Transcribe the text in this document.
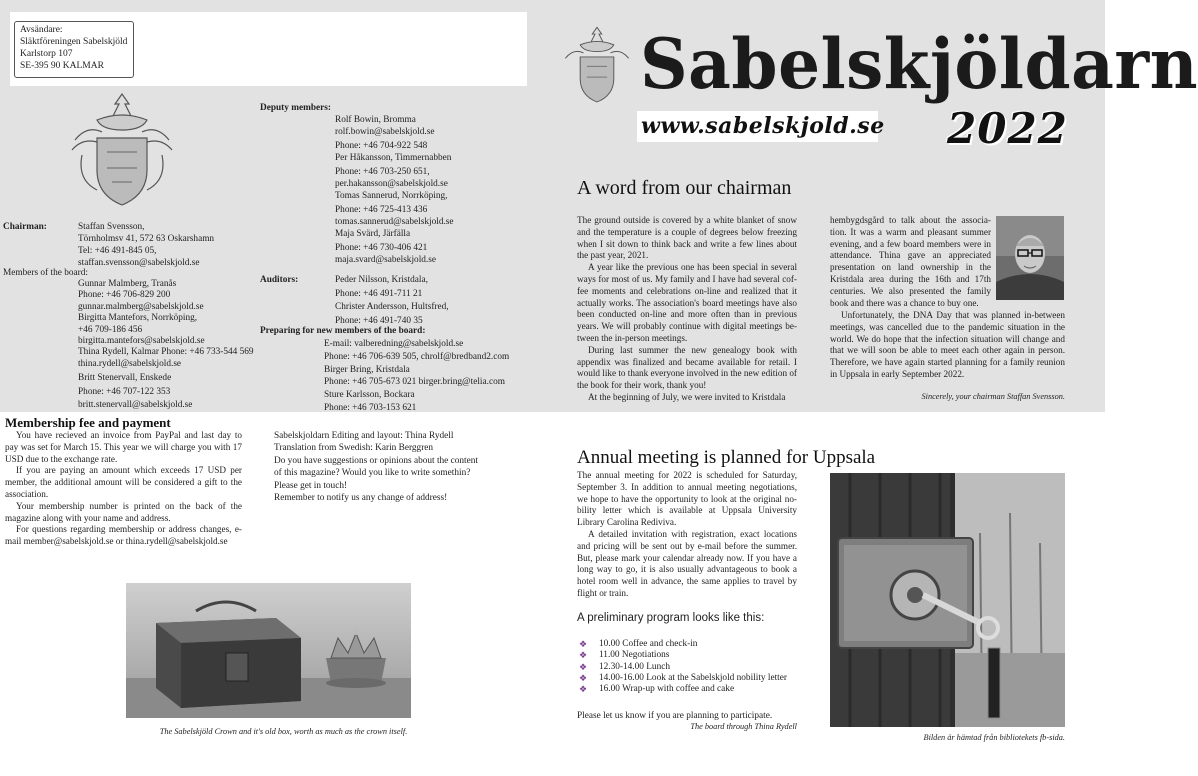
Avsändare:
Släktföreningen Sabelskjöld
Karlstorp 107
SE-395 90 KALMAR	Sabelskjöldarn
www.sabelskjold.se 2022
Chairman:	Staffan Svensson,
Törnholmsv 41, 572 63 Oskarshamn
Tel: +46 491-845 05,
staffan.svensson@sabelskjold.se
Members of the board:
Gunnar Malmberg, Tranås
Phone: +46 706-829 200
gunnar.malmberg@sabelskjold.se
Birgitta Mantefors, Norrköping,
+46 709-186 456
birgitta.mantefors@sabelskjold.se
Thina Rydell, Kalmar Phone: +46 733-544 569
thina.rydell@sabelskjold.se
Britt Stenervall, Enskede
Phone: +46 707-122 353
britt.stenervall@sabelskjold.se
Deputy members:
Rolf Bowin, Bromma
rolf.bowin@sabelskjold.se
Phone: +46 704-922 548
Per Håkansson, Timmernabben
Phone: +46 703-250 651,
per.hakansson@sabelskjold.se
Tomas Sannerud, Norrköping,
Phone: +46 725-413 436
tomas.sannerud@sabelskjold.se
Maja Svärd, Järfälla
Phone: +46 730-406 421
maja.svard@sabelskjold.se
Auditors:	Peder Nilsson, Kristdala,
Phone: +46 491-711 21
Christer Andersson, Hultsfred,
Phone: +46 491-740 35
Preparing for new members of the board:
E-mail: valberedning@sabelskjold.se
Phone: +46 706-639 505, chrolf@bredband2.com
Birger Bring, Kristdala
Phone: +46 705-673 021 birger.bring@telia.com
Sture Karlsson, Bockara
Phone: +46 703-153 621
A word from our chairman

The ground outside is covered by a white blanket of snow and the temperature is a couple of degrees below freezing when I sit down to think back and write a few lines about the past year, 2021.

A year like the previous one has been special in several ways for most of us. My family and I have had several cof-fee moments and celebrations on-line and realized that it actually works. The association's board meetings have also been conducted on-line and more often than in previous years. We will probably continue with digital meetings be-tween the in-person meetings.

During last summer the new genealogy book with appendix was finalized and became available for retail. I would like to thank everyone involved in the new edition of the book for their work, thank you!

At the beginning of July, we were invited to Kristdala

hembygdsgård to talk about the associa-tion. It was a warm and pleasant summer evening, and a few board members were in attendance. Thina gave an appreciated presentation on land ownership in the Kristdala area during the 16th and 17th centuries. We also presented the family book and there was a chance to buy one.

Unfortunately, the DNA Day that was planned in-between meetings, was cancelled due to the pandemic situation in the world. We do hope that the infection situation will change and that we will soon be able to meet each other again in person. Therefore, we have again started planning for a family reunion in Uppsala in early September 2022.

Sincerely, your chairman Staffan Svensson.
Membership fee and payment

You have recieved an invoice from PayPal and last day to pay was set for March 15. This year we will charge you with 17 USD due to the exchange rate.

If you are paying an amount which exceeds 17 USD per member, the additional amount will be considered a gift to the association.

Your membership number is printed on the back of the magazine along with your name and address.

For questions regarding membership or address changes, e-mail member@sabelskjold.se or thina.rydell@sabelskjold.se

Sabelskjoldarn Editing and layout: Thina Rydell
Translation from Swedish: Karin Berggren
Do you have suggestions or opinions about the content
of this magazine? Would you like to write somethin?
Please get in touch!
Remember to notify us any change of address!
The Sabelskjöld Crown and it's old box, worth as much as the crown itself.
Annual meeting is planned for Uppsala

The annual meeting for 2022 is scheduled for Saturday, September 3. In addition to annual meeting negotiations, we hope to have the opportunity to look at the original no-bility letter which is available at Uppsala University Library Carolina Rediviva.

A detailed invitation with registration, exact locations and pricing will be sent out by e-mail before the summer. But, please mark your calendar already now. If you have a long way to go, it is also usually advantageous to book a hotel room well in advance, the same applies to travel by flight or train.

A preliminary program looks like this:
❖ 10.00 Coffee and check-in
❖ 11.00 Negotiations
❖ 12.30-14.00 Lunch
❖ 14.00-16.00 Look at the Sabelskjold nobility letter
❖ 16.00 Wrap-up with coffee and cake
Please let us know if you are planning to participate.
The board through Thina Rydell
Bilden är hämtad från bibliotekets fb-sida.
